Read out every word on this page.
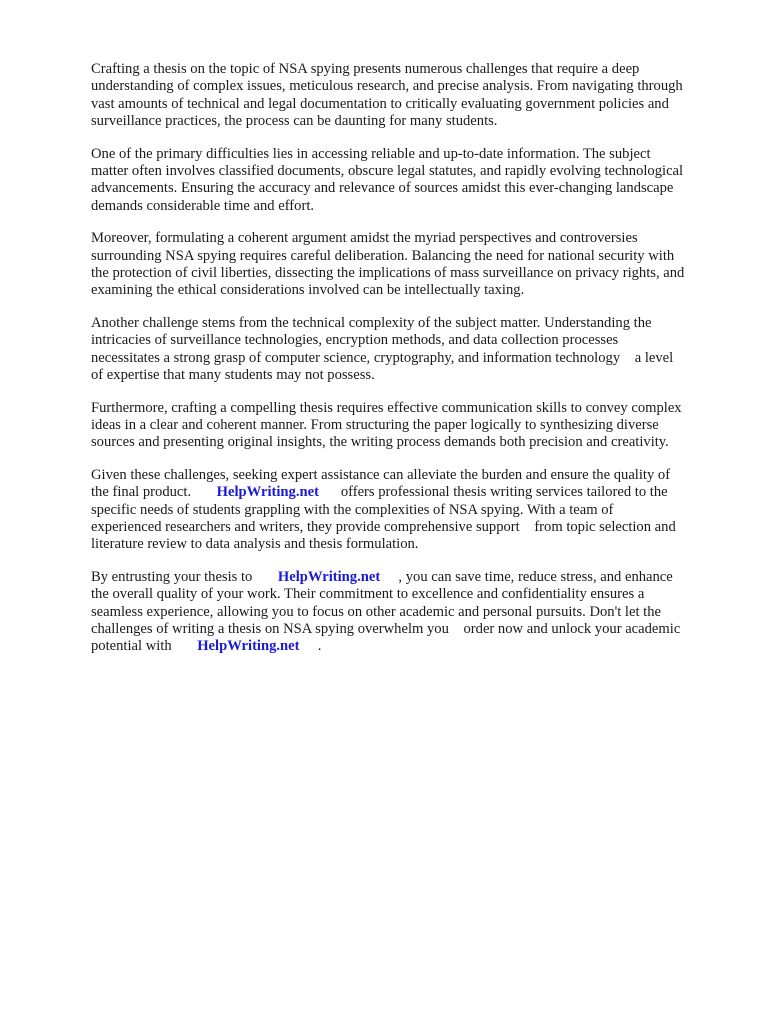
Crafting a thesis on the topic of NSA spying presents numerous challenges that require a deep
understanding of complex issues, meticulous research, and precise analysis. From navigating through
vast amounts of technical and legal documentation to critically evaluating government policies and
surveillance practices, the process can be daunting for many students.

One of the primary difficulties lies in accessing reliable and up-to-date information. The subject
matter often involves classified documents, obscure legal statutes, and rapidly evolving technological
advancements. Ensuring the accuracy and relevance of sources amidst this ever-changing landscape
demands considerable time and effort.

Moreover, formulating a coherent argument amidst the myriad perspectives and controversies
surrounding NSA spying requires careful deliberation. Balancing the need for national security with
the protection of civil liberties, dissecting the implications of mass surveillance on privacy rights, and
examining the ethical considerations involved can be intellectually taxing.

Another challenge stems from the technical complexity of the subject matter. Understanding the
intricacies of surveillance technologies, encryption methods, and data collection processes
necessitates a strong grasp of computer science, cryptography, and information technology    a level
of expertise that many students may not possess.

Furthermore, crafting a compelling thesis requires effective communication skills to convey complex
ideas in a clear and coherent manner. From structuring the paper logically to synthesizing diverse
sources and presenting original insights, the writing process demands both precision and creativity.

Given these challenges, seeking expert assistance can alleviate the burden and ensure the quality of
the final product.       HelpWriting.net      offers professional thesis writing services tailored to the
specific needs of students grappling with the complexities of NSA spying. With a team of
experienced researchers and writers, they provide comprehensive support    from topic selection and
literature review to data analysis and thesis formulation.

By entrusting your thesis to       HelpWriting.net     , you can save time, reduce stress, and enhance
the overall quality of your work. Their commitment to excellence and confidentiality ensures a
seamless experience, allowing you to focus on other academic and personal pursuits. Don't let the
challenges of writing a thesis on NSA spying overwhelm you    order now and unlock your academic
potential with       HelpWriting.net     .
